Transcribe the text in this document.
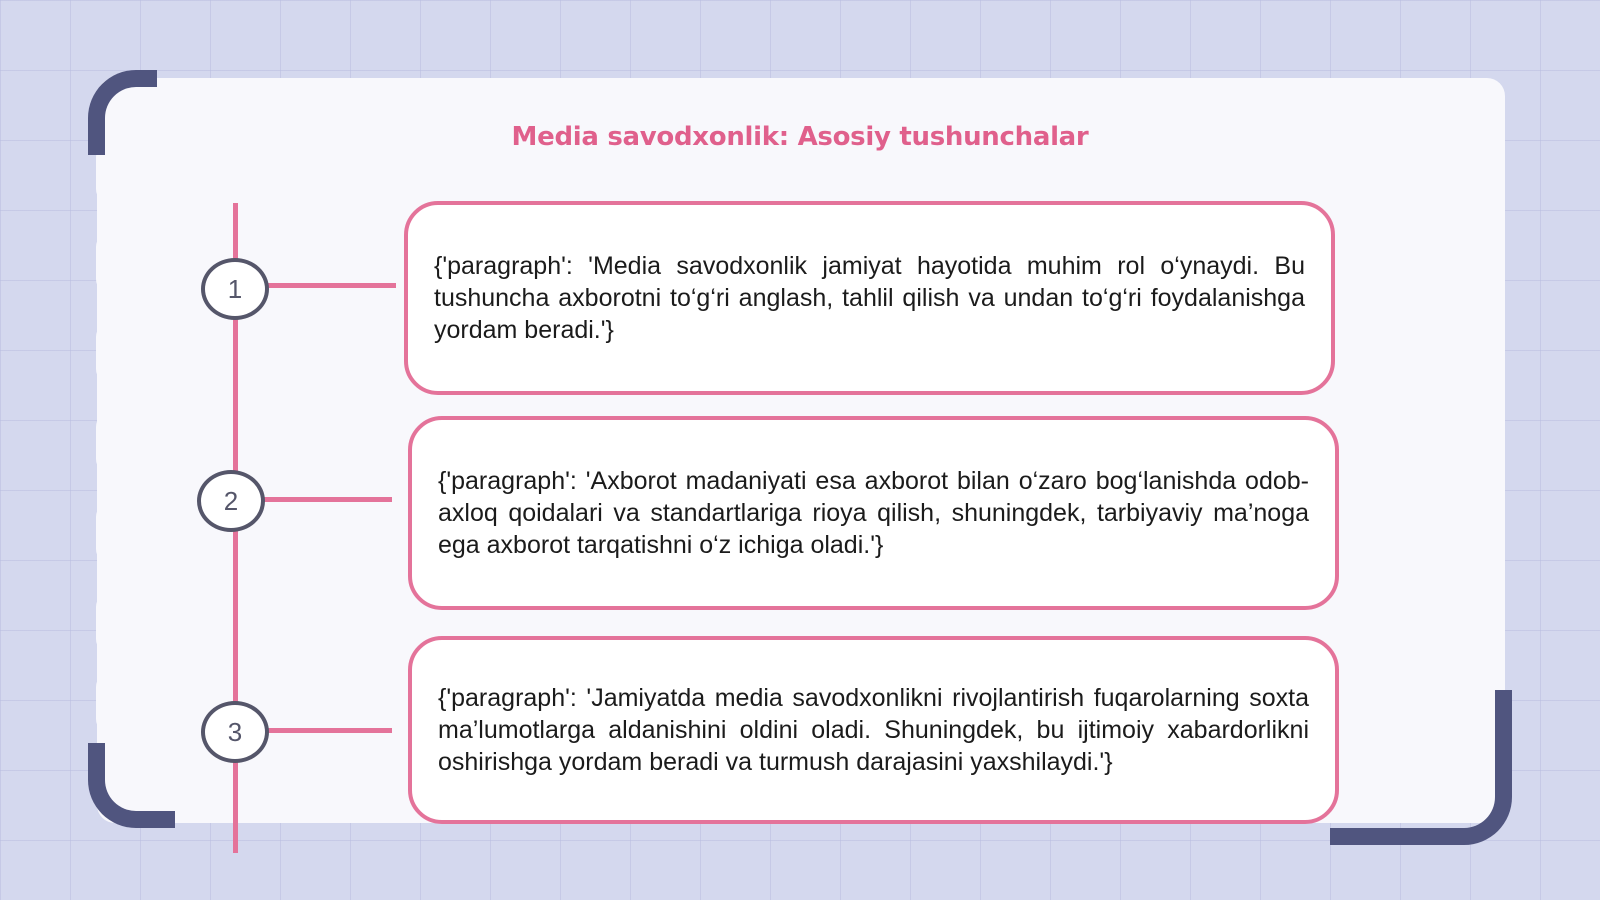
Media savodxonlik: Asosiy tushunchalar
1

{'paragraph': 'Media savodxonlik jamiyat hayotida muhim rol o‘ynaydi. Bu tushuncha axborotni to‘g‘ri anglash, tahlil qilish va undan to‘g‘ri foydalanishga yordam beradi.'}

2

{'paragraph': 'Axborot madaniyati esa axborot bilan o‘zaro bog‘lanishda odob-axloq qoidalari va standartlariga rioya qilish, shuningdek, tarbiyaviy ma’noga ega axborot tarqatishni o‘z ichiga oladi.'}

3

{'paragraph': 'Jamiyatda media savodxonlikni rivojlantirish fuqarolarning soxta ma’lumotlarga aldanishini oldini oladi. Shuningdek, bu ijtimoiy xabardorlikni oshirishga yordam beradi va turmush darajasini yaxshilaydi.'}
